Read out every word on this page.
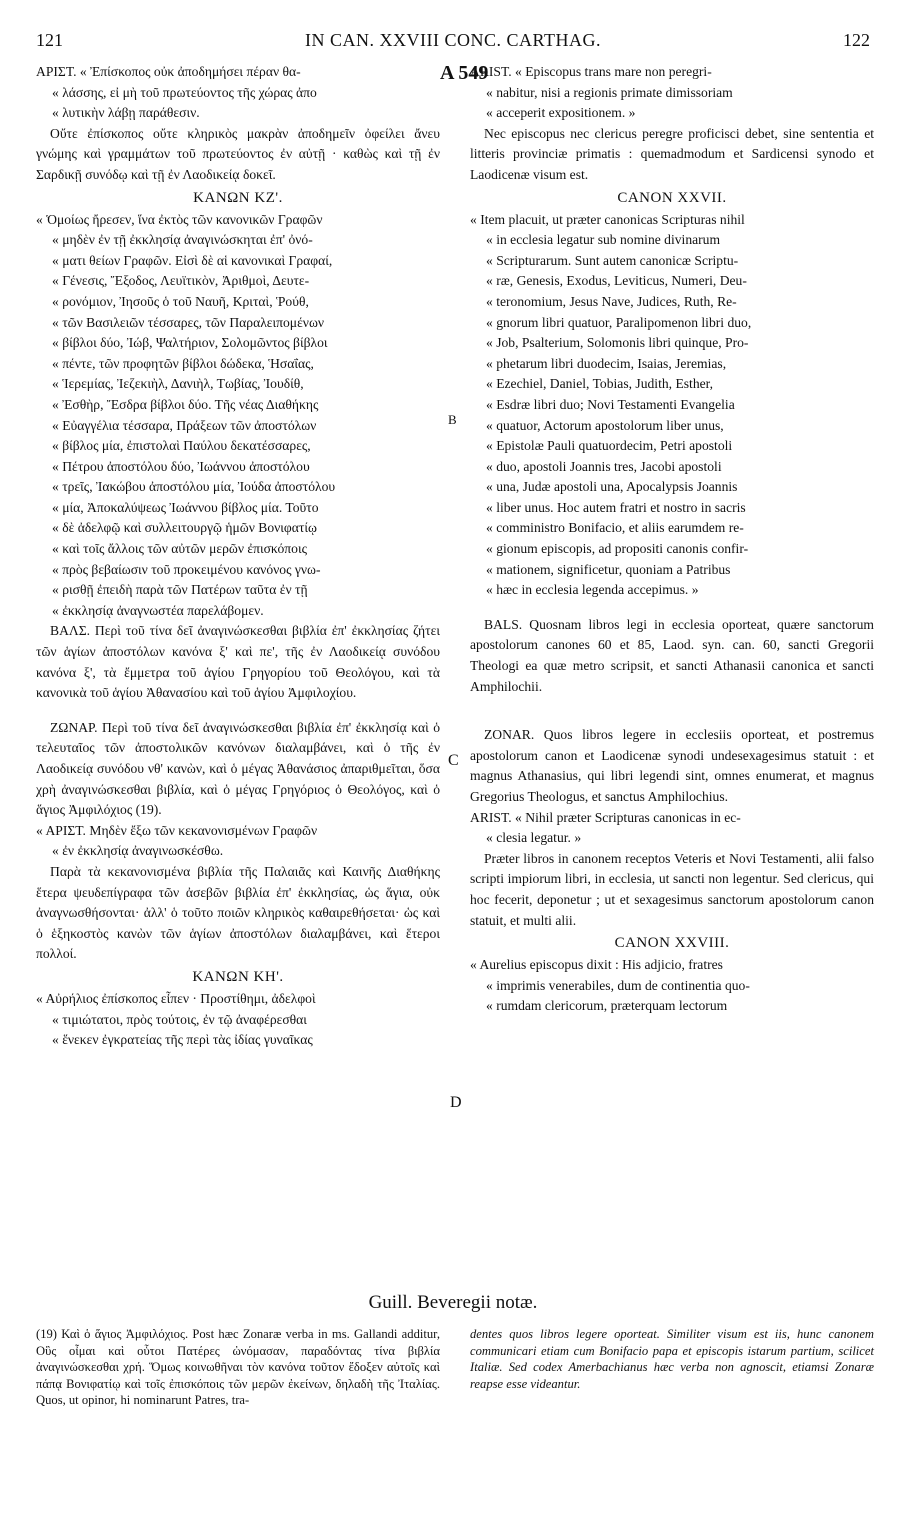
121	IN CAN. XXVIII CONC. CARTHAG.	122
A 549
B
C
D

ΑΡΙΣΤ. « Ἐπίσκοπος οὐκ ἀποδημήσει πέραν θα-

« λάσσης, εἰ μὴ τοῦ πρωτεύοντος τῆς χώρας ἀπο

« λυτικὴν λάβῃ παράθεσιν.

Οὔτε ἐπίσκοπος οὔτε κληρικὸς μακρὰν ἀποδημεῖν ὀφείλει ἄνευ γνώμης καὶ γραμμάτων τοῦ πρωτεύοντος ἐν αὐτῇ · καθὼς καὶ τῇ ἐν Σαρδικῇ συνόδῳ καὶ τῇ ἐν Λαοδικείᾳ δοκεῖ.

ΚΑΝΩΝ ΚΖ'.

« Ὁμοίως ἤρεσεν, ἵνα ἐκτὸς τῶν κανονικῶν Γραφῶν

« μηδὲν ἐν τῇ ἐκκλησίᾳ ἀναγινώσκηται ἐπ' ὀνό-

« ματι θείων Γραφῶν. Εἰσὶ δὲ αἱ κανονικαὶ Γραφαί,

« Γένεσις, Ἔξοδος, Λευϊτικὸν, Ἀριθμοὶ, Δευτε-

« ρονόμιον, Ἰησοῦς ὁ τοῦ Ναυῆ, Κριταὶ, Ῥούθ,

« τῶν Βασιλειῶν τέσσαρες, τῶν Παραλειπομένων

« βίβλοι δύο, Ἰώβ, Ψαλτήριον, Σολομῶντος βίβλοι

« πέντε, τῶν προφητῶν βίβλοι δώδεκα, Ἡσαΐας,

« Ἱερεμίας, Ἰεζεκιὴλ, Δανιὴλ, Τωβίας, Ἰουδίθ,

« Ἐσθὴρ, Ἔσδρα βίβλοι δύο. Τῆς νέας Διαθήκης

« Εὐαγγέλια τέσσαρα, Πράξεων τῶν ἀποστόλων

« βίβλος μία, ἐπιστολαὶ Παύλου δεκατέσσαρες,

« Πέτρου ἀποστόλου δύο, Ἰωάννου ἀποστόλου

« τρεῖς, Ἰακώβου ἀποστόλου μία, Ἰούδα ἀποστόλου

« μία, Ἀποκαλύψεως Ἰωάννου βίβλος μία. Τοῦτο

« δὲ ἀδελφῷ καὶ συλλειτουργῷ ἡμῶν Βονιφατίῳ

« καὶ τοῖς ἄλλοις τῶν αὐτῶν μερῶν ἐπισκόποις

« πρὸς βεβαίωσιν τοῦ προκειμένου κανόνος γνω-

« ρισθῇ ἐπειδὴ παρὰ τῶν Πατέρων ταῦτα ἐν τῇ

« ἐκκλησίᾳ ἀναγνωστέα παρελάβομεν.

ΒΑΛΣ. Περὶ τοῦ τίνα δεῖ ἀναγινώσκεσθαι βιβλία ἐπ' ἐκκλησίας ζήτει τῶν ἁγίων ἀποστόλων κανόνα ξ' καὶ πε', τῆς ἐν Λαοδικείᾳ συνόδου κανόνα ξ', τὰ ἔμμετρα τοῦ ἁγίου Γρηγορίου τοῦ Θεολόγου, καὶ τὰ κανονικὰ τοῦ ἁγίου Ἀθανασίου καὶ τοῦ ἁγίου Ἀμφιλοχίου.

ΖΩΝΑΡ. Περὶ τοῦ τίνα δεῖ ἀναγινώσκεσθαι βιβλία ἐπ' ἐκκλησίᾳ καὶ ὁ τελευταῖος τῶν ἀποστολικῶν κανόνων διαλαμβάνει, καὶ ὁ τῆς ἐν Λαοδικείᾳ συνόδου νθ' κανὼν, καὶ ὁ μέγας Ἀθανάσιος ἀπαριθμεῖται, ὅσα χρὴ ἀναγινώσκεσθαι βιβλία, καὶ ὁ μέγας Γρηγόριος ὁ Θεολόγος, καὶ ὁ ἅγιος Ἀμφιλόχιος (19).

« ΑΡΙΣΤ. Μηδὲν ἔξω τῶν κεκανονισμένων Γραφῶν

« ἐν ἐκκλησίᾳ ἀναγινωσκέσθω.

Παρὰ τὰ κεκανονισμένα βιβλία τῆς Παλαιᾶς καὶ Καινῆς Διαθήκης ἕτερα ψευδεπίγραφα τῶν ἀσεβῶν βιβλία ἐπ' ἐκκλησίας, ὡς ἅγια, οὐκ ἀναγνωσθήσονται· ἀλλ' ὁ τοῦτο ποιῶν κληρικὸς καθαιρεθήσεται· ὡς καὶ ὁ ἑξηκοστὸς κανὼν τῶν ἁγίων ἀποστόλων διαλαμβάνει, καὶ ἕτεροι πολλοί.

ΚΑΝΩΝ ΚΗ'.

« Αὐρήλιος ἐπίσκοπος εἶπεν · Προστίθημι, ἀδελφοὶ

« τιμιώτατοι, πρὸς τούτοις, ἐν τῷ ἀναφέρεσθαι

« ἕνεκεν ἐγκρατείας τῆς περὶ τὰς ἰδίας γυναῖκας

ARIST. « Episcopus trans mare non peregri-

« nabitur, nisi a regionis primate dimissoriam

« acceperit expositionem. »

Nec episcopus nec clericus peregre proficisci debet, sine sententia et litteris provinciæ primatis : quemadmodum et Sardicensi synodo et Laodicenæ visum est.

CANON XXVII.

« Item placuit, ut præter canonicas Scripturas nihil

« in ecclesia legatur sub nomine divinarum

« Scripturarum. Sunt autem canonicæ Scriptu-

« ræ, Genesis, Exodus, Leviticus, Numeri, Deu-

« teronomium, Jesus Nave, Judices, Ruth, Re-

« gnorum libri quatuor, Paralipomenon libri duo,

« Job, Psalterium, Solomonis libri quinque, Pro-

« phetarum libri duodecim, Isaias, Jeremias,

« Ezechiel, Daniel, Tobias, Judith, Esther,

« Esdræ libri duo; Novi Testamenti Evangelia

« quatuor, Actorum apostolorum liber unus,

« Epistolæ Pauli quatuordecim, Petri apostoli

« duo, apostoli Joannis tres, Jacobi apostoli

« una, Judæ apostoli una, Apocalypsis Joannis

« liber unus. Hoc autem fratri et nostro in sacris

« comministro Bonifacio, et aliis earumdem re-

« gionum episcopis, ad propositi canonis confir-

« mationem, significetur, quoniam a Patribus

« hæc in ecclesia legenda accepimus. »

BALS. Quosnam libros legi in ecclesia oporteat, quære sanctorum apostolorum canones 60 et 85, Laod. syn. can. 60, sancti Gregorii Theologi ea quæ metro scripsit, et sancti Athanasii canonica et sancti Amphilochii.

ZONAR. Quos libros legere in ecclesiis oporteat, et postremus apostolorum canon et Laodicenæ synodi undesexagesimus statuit : et magnus Athanasius, qui libri legendi sint, omnes enumerat, et magnus Gregorius Theologus, et sanctus Amphilochius.

ARIST. « Nihil præter Scripturas canonicas in ec-

« clesia legatur. »

Præter libros in canonem receptos Veteris et Novi Testamenti, alii falso scripti impiorum libri, in ecclesia, ut sancti non legentur. Sed clericus, qui hoc fecerit, deponetur ; ut et sexagesimus sanctorum apostolorum canon statuit, et multi alii.

CANON XXVIII.

« Aurelius episcopus dixit : His adjicio, fratres

« imprimis venerabiles, dum de continentia quo-

« rumdam clericorum, præterquam lectorum

Guill. Beveregii notæ.

(19) Καὶ ὁ ἅγιος Ἀμφιλόχιος. Post hæc Zonaræ verba in ms. Gallandi additur, Οὓς οἶμαι καὶ οὗτοι Πατέρες ὠνόμασαν, παραδόντας τίνα βιβλία ἀναγινώσκεσθαι χρή. Ὅμως κοινωθῆναι τὸν κανόνα τοῦτον ἔδοξεν αὐτοῖς καὶ πάπᾳ Βονιφατίῳ καὶ τοῖς ἐπισκόποις τῶν μερῶν ἐκείνων, δηλαδὴ τῆς Ἰταλίας. Quos, ut opinor, hi nominarunt Patres, tra-

dentes quos libros legere oporteat. Similiter visum est iis, hunc canonem communicari etiam cum Bonifacio papa et episcopis istarum partium, scilicet Italiæ. Sed codex Amerbachianus hæc verba non agnoscit, etiamsi Zonaræ reapse esse videantur.
